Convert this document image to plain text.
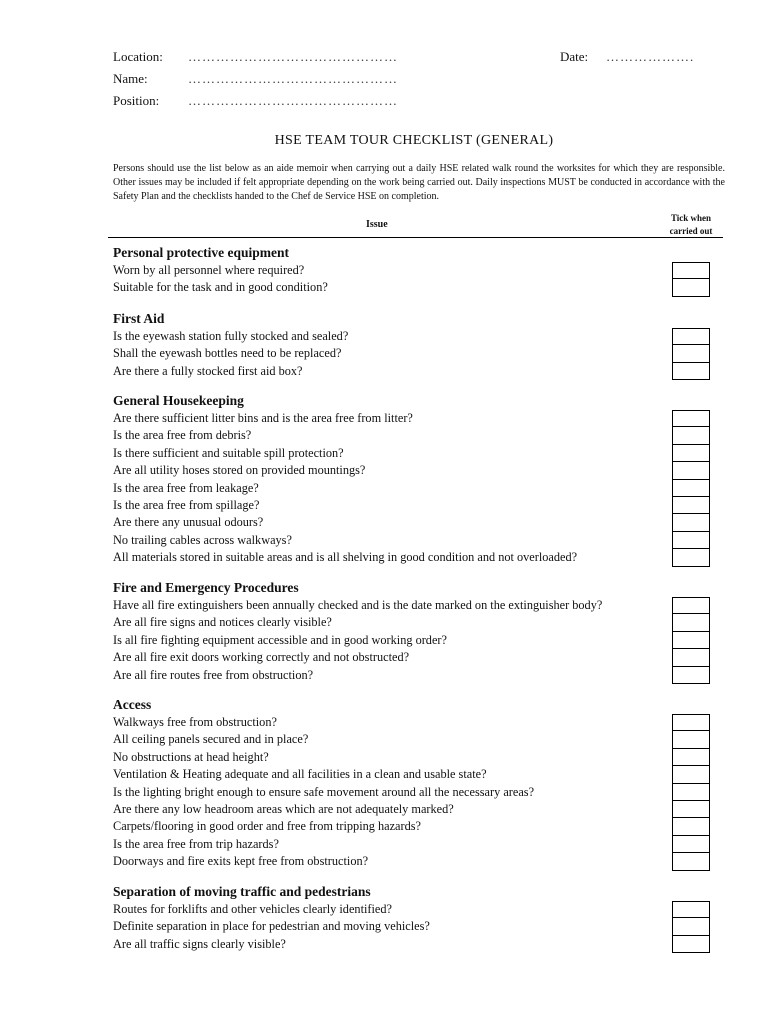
Location: ………………………………………	Date: ……………….
Name:	………………………………………
Position: ………………………………………
HSE TEAM TOUR CHECKLIST (GENERAL)
Persons should use the list below as an aide memoir when carrying out a daily HSE related walk round the worksites for which they are responsible. Other issues may be included if felt appropriate depending on the work being carried out. Daily inspections MUST be conducted in accordance with the Safety Plan and the checklists handed to the Chef de Service HSE on completion.
Issue
Tick when carried out
Personal protective equipment
Worn by all personnel where required?
Suitable for the task and in good condition?
First Aid
Is the eyewash station fully stocked and sealed?
Shall the eyewash bottles need to be replaced?
Are there a fully stocked first aid box?
General Housekeeping
Are there sufficient litter bins and is the area free from litter?
Is the area free from debris?
Is there sufficient and suitable spill protection?
Are all utility hoses stored on provided mountings?
Is the area free from leakage?
Is the area free from spillage?
Are there any unusual odours?
No trailing cables across walkways?
All materials stored in suitable areas and is all shelving in good condition and not overloaded?
Fire and Emergency Procedures
Have all fire extinguishers been annually checked and is the date marked on the extinguisher body?
Are all fire signs and notices clearly visible?
Is all fire fighting equipment accessible and in good working order?
Are all fire exit doors working correctly and not obstructed?
Are all fire routes free from obstruction?
Access
Walkways free from obstruction?
All ceiling panels secured and in place?
No obstructions at head height?
Ventilation & Heating adequate and all facilities in a clean and usable state?
Is the lighting bright enough to ensure safe movement around all the necessary areas?
Are there any low headroom areas which are not adequately marked?
Carpets/flooring in good order and free from tripping hazards?
Is the area free from trip hazards?
Doorways and fire exits kept free from obstruction?
Separation of moving traffic and pedestrians
Routes for forklifts and other vehicles clearly identified?
Definite separation in place for pedestrian and moving vehicles?
Are all traffic signs clearly visible?
